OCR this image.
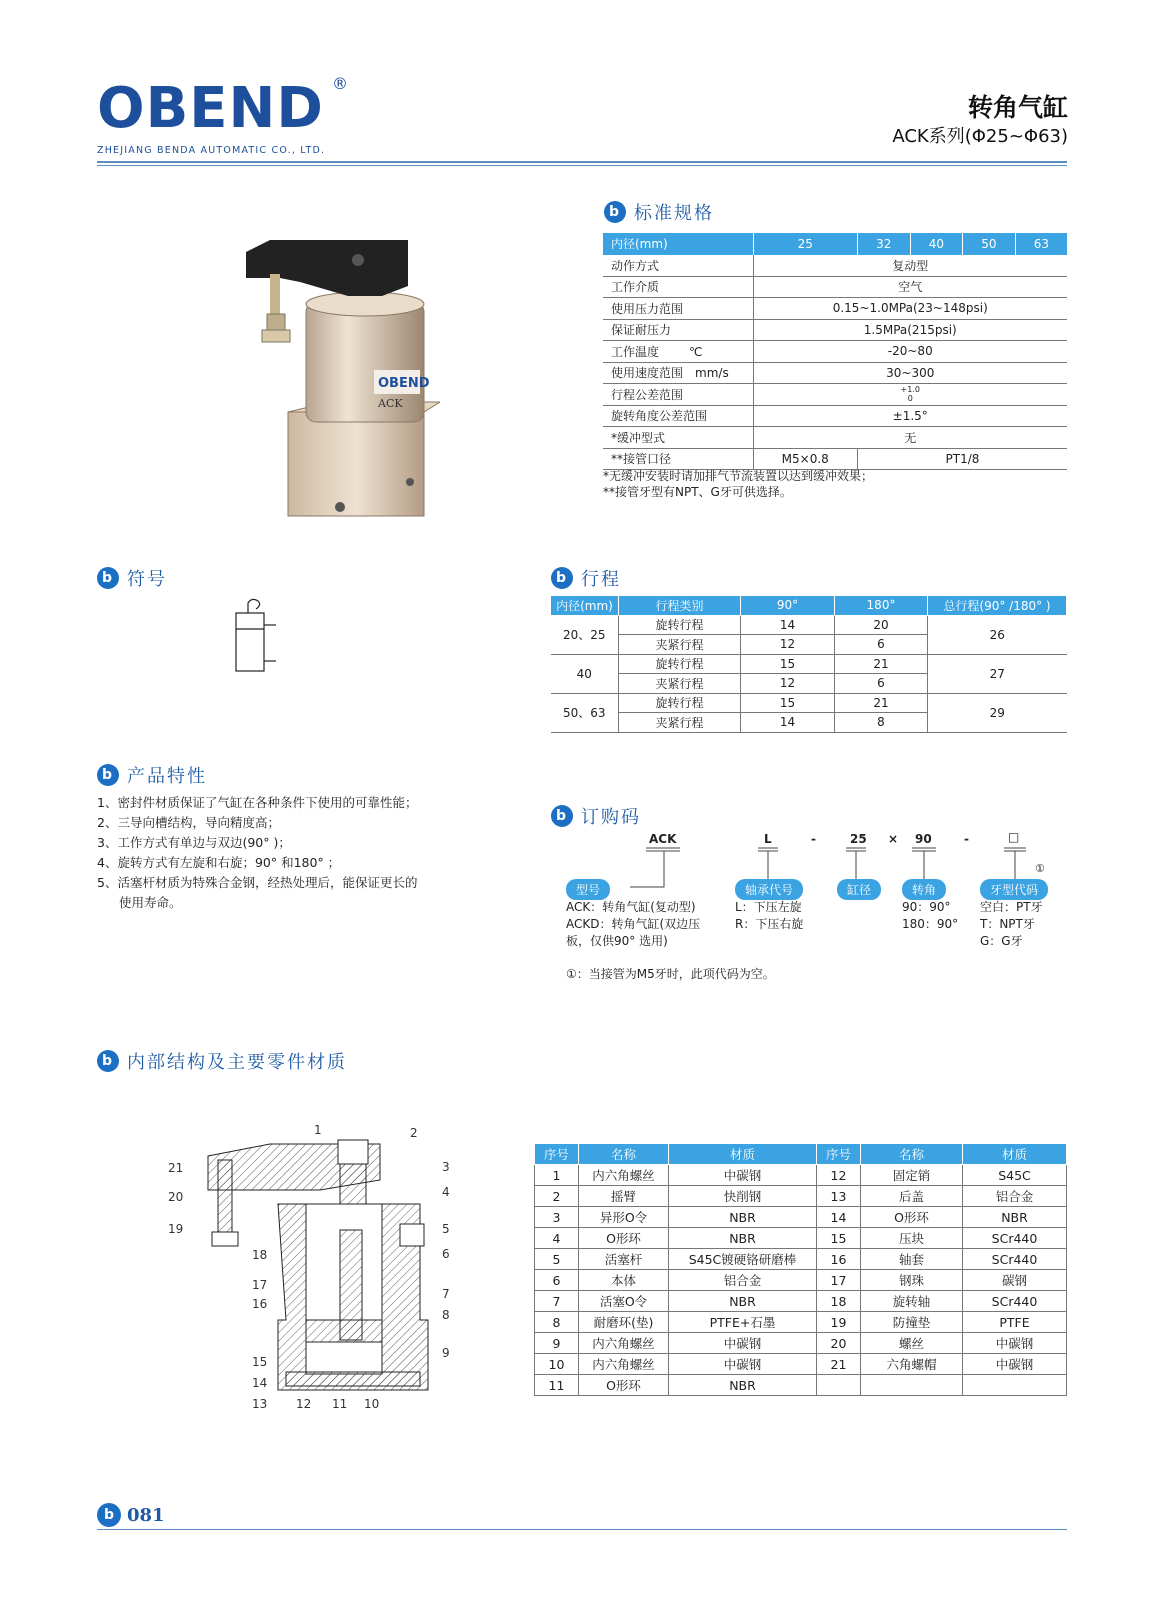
OBEND ®
ZHEJIANG BENDA AUTOMATIC CO., LTD.
转角气缸
ACK系列(Φ25~Φ63)
OBEND
ACK
b 标准规格
内径(mm)	25	32	40	50	63
动作方式	复动型				
工作介质	空气				
使用压力范围	0.15~1.0MPa(23~148psi)				
保证耐压力	1.5MPa(215psi)				
工作温度 ℃	-20~80				
使用速度范围 mm/s	30~300				
行程公差范围	+1.0
0				

旋转角度公差范围	±1.5°				
*缓冲型式	无				
**接管口径	M5×0.8	PT1/8			
*无缓冲安装时请加排气节流装置以达到缓冲效果；
**接管牙型有NPT、G牙可供选择。
b 符号	b 行程
内径(mm)	行程类别	90°	180°	总行程(90° /180° )
20、25	旋转行程	14	20	26
	夹紧行程	12	6	
40	旋转行程	15	21	27
	夹紧行程	12	6	
50、63	旋转行程	15	21	29
	夹紧行程	14	8	
b 产品特性
1、密封件材质保证了气缸在各种条件下使用的可靠性能；
2、三导向槽结构，导向精度高；
3、工作方式有单边与双边(90° )；
4、旋转方式有左旋和右旋；90° 和180° ；
5、活塞杆材质为特殊合金钢，经热处理后，能保证更长的
使用寿命。
b 订购码
ACK	L	-	25 × 90	-	□
①
型号	轴承代号	缸径	转角	牙型代码
ACK：转角气缸(复动型)
ACKD：转角气缸(双边压
板，仅供90° 选用)
L：下压左旋
R：下压右旋
90：90°
180：90°
空白：PT牙
T：NPT牙
G：G牙
①：当接管为M5牙时，此项代码为空。
b 内部结构及主要零件材质
1	2
3
4
5
6
7
8
9
10
11
12
13
14
15
16
17
18
19
20
21
序号	名称	材质	序号	名称	材质
1	内六角螺丝	中碳钢	12	固定销	S45C
2	摇臂	快削钢	13	后盖	铝合金
3	异形O令	NBR	14	O形环	NBR
4	O形环	NBR	15	压块	SCr440
5	活塞杆	S45C镀硬铬研磨棒	16	轴套	SCr440
6	本体	铝合金	17	钢珠	碳钢
7	活塞O令	NBR	18	旋转轴	SCr440
8	耐磨环(垫)	PTFE+石墨	19	防撞垫	PTFE
9	内六角螺丝	中碳钢	20	螺丝	中碳钢
10	内六角螺丝	中碳钢	21	六角螺帽	中碳钢
11	O形环	NBR			
b 081
